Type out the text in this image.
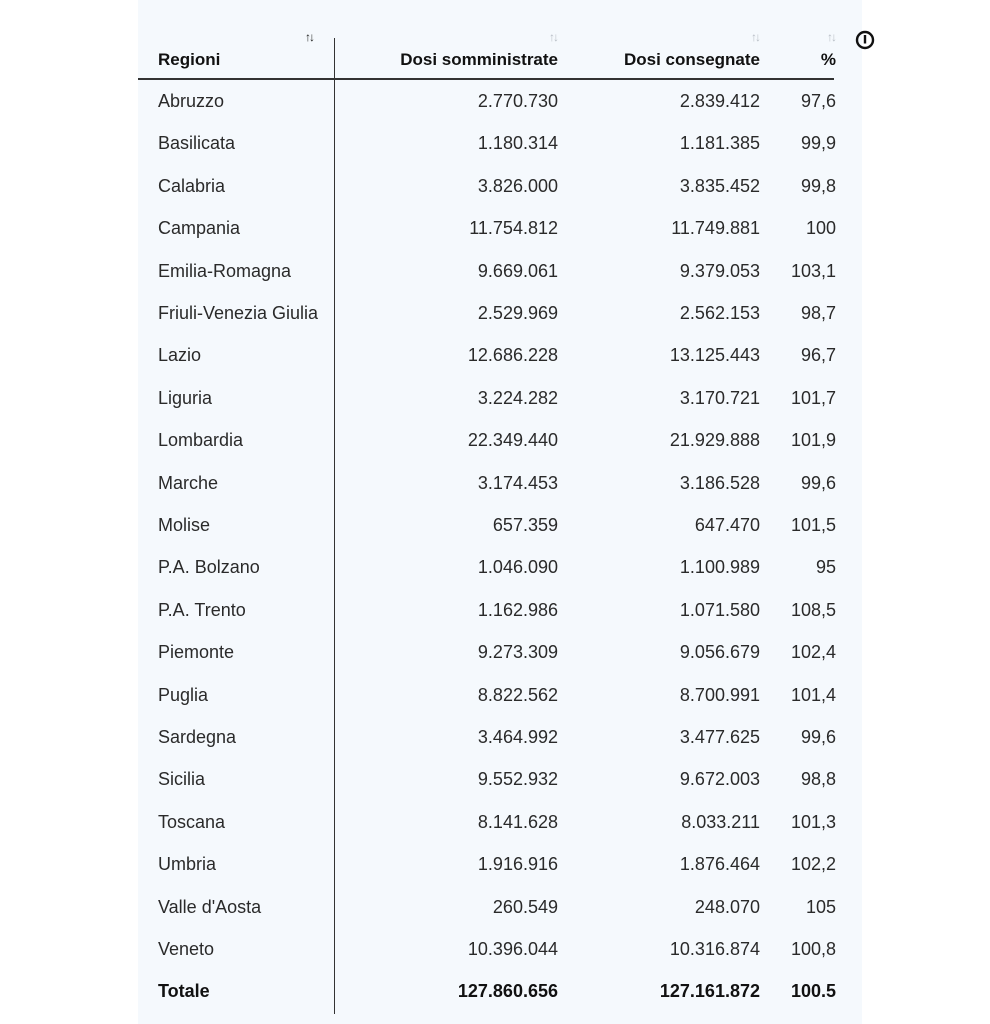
↑↓	↑↓	↑↓	↑↓
Regioni	Dosi somministrate	Dosi consegnate	%
Abruzzo	2.770.730	2.839.412 97,6
Basilicata	1.180.314	1.181.385 99,9
Calabria	3.826.000	3.835.452 99,8
Campania	11.754.812	11.749.881	100
Emilia-Romagna	9.669.061	9.379.053 103,1
Friuli-Venezia Giulia	2.529.969	2.562.153 98,7
Lazio	12.686.228	13.125.443 96,7
Liguria	3.224.282	3.170.721 101,7
Lombardia	22.349.440	21.929.888 101,9
Marche	3.174.453	3.186.528 99,6
Molise	657.359	647.470 101,5
P.A. Bolzano	1.046.090	1.100.989	95
P.A. Trento	1.162.986	1.071.580 108,5
Piemonte	9.273.309	9.056.679 102,4
Puglia	8.822.562	8.700.991 101,4
Sardegna	3.464.992	3.477.625 99,6
Sicilia	9.552.932	9.672.003 98,8
Toscana	8.141.628	8.033.211 101,3
Umbria	1.916.916	1.876.464 102,2
Valle d'Aosta	260.549	248.070	105
Veneto	10.396.044	10.316.874 100,8
Totale	127.860.656	127.161.872 100.5
